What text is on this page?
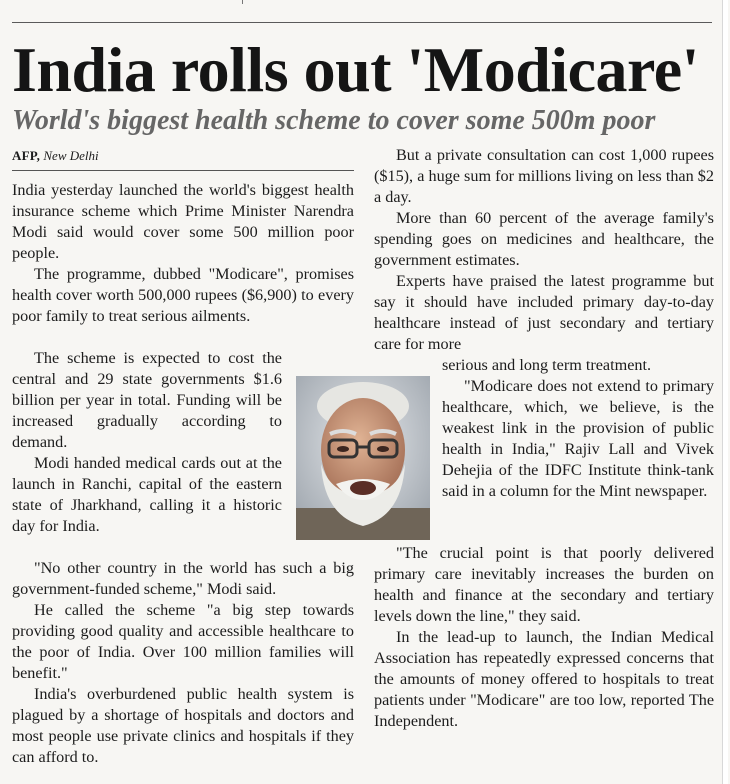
India rolls out 'Modicare'
World's biggest health scheme to cover some 500m poor
AFP, New Delhi

India yesterday launched the world's biggest health insurance scheme which Prime Minister Narendra Modi said would cover some 500 million poor people.

The programme, dubbed "Modicare", promises health cover worth 500,000 rupees ($6,900) to every poor family to treat serious ailments.

The scheme is expected to cost the central and 29 state governments $1.6 billion per year in total. Funding will be increased gradually according to demand.

Modi handed medical cards out at the launch in Ranchi, capital of the eastern state of Jharkhand, calling it a historic day for India.

"No other country in the world has such a big government-funded scheme," Modi said.

He called the scheme "a big step towards providing good quality and accessible healthcare to the poor of India. Over 100 million families will benefit."

India's overburdened public health system is plagued by a shortage of hospitals and doctors and most people use private clinics and hospitals if they can afford to.

But a private consultation can cost 1,000 rupees ($15), a huge sum for millions living on less than $2 a day.

More than 60 percent of the average family's spending goes on medicines and healthcare, the government estimates.

Experts have praised the latest programme but say it should have included primary day-to-day healthcare instead of just secondary and tertiary care for more

serious and long term treatment.

"Modicare does not extend to primary healthcare, which, we believe, is the weakest link in the provision of public health in India," Rajiv Lall and Vivek Dehejia of the IDFC Institute think-tank said in a column for the Mint newspaper.

"The crucial point is that poorly delivered primary care inevitably increases the burden on health and finance at the secondary and tertiary levels down the line," they said.

In the lead-up to launch, the Indian Medical Association has repeatedly expressed concerns that the amounts of money offered to hospitals to treat patients under "Modicare" are too low, reported The Independent.
